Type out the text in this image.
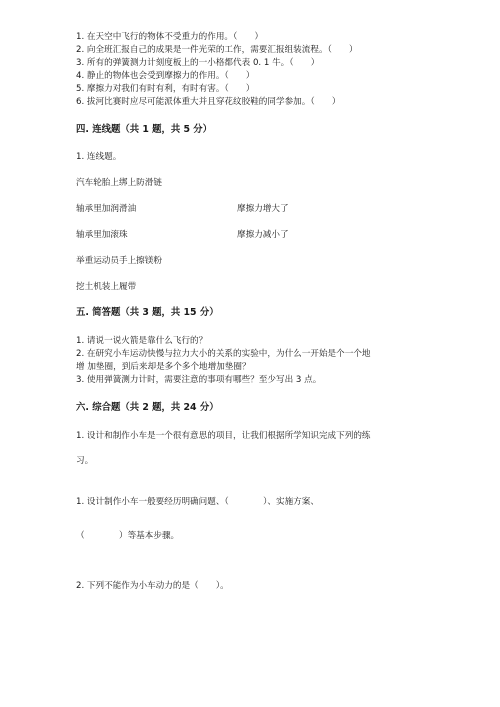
1. 在天空中飞行的物体不受重力的作用。（　　）
2. 向全班汇报自己的成果是一件光荣的工作，需要汇报组装流程。（　　）
3. 所有的弹簧测力计刻度板上的一小格都代表 0. 1 牛。（　　）
4. 静止的物体也会受到摩擦力的作用。（　　）
5. 摩擦力对我们有时有利，有时有害。（　　）
6. 拔河比赛时应尽可能派体重大并且穿花纹胶鞋的同学参加。（　　）
四. 连线题（共 1 题，共 5 分）
1. 连线题。
汽车轮胎上绑上防滑链
轴承里加润滑油	摩擦力增大了
轴承里加滚珠	摩擦力减小了
举重运动员手上擦镁粉
挖土机装上履带
五. 简答题（共 3 题，共 15 分）
1. 请说一说火箭是靠什么飞行的？
2. 在研究小车运动快慢与拉力大小的关系的实验中，为什么一开始是个一个地
增 加垫圈，到后来却是多个多个地增加垫圈？
3. 使用弹簧测力计时，需要注意的事项有哪些？至少写出 3 点。
六. 综合题（共 2 题，共 24 分）
1. 设计和制作小车是一个很有意思的项目，让我们根据所学知识完成下列的练
习。
1. 设计制作小车一般要经历明确问题、（　　　　）、实施方案、
（　　　　）等基本步骤。
2. 下列不能作为小车动力的是（　　）。
